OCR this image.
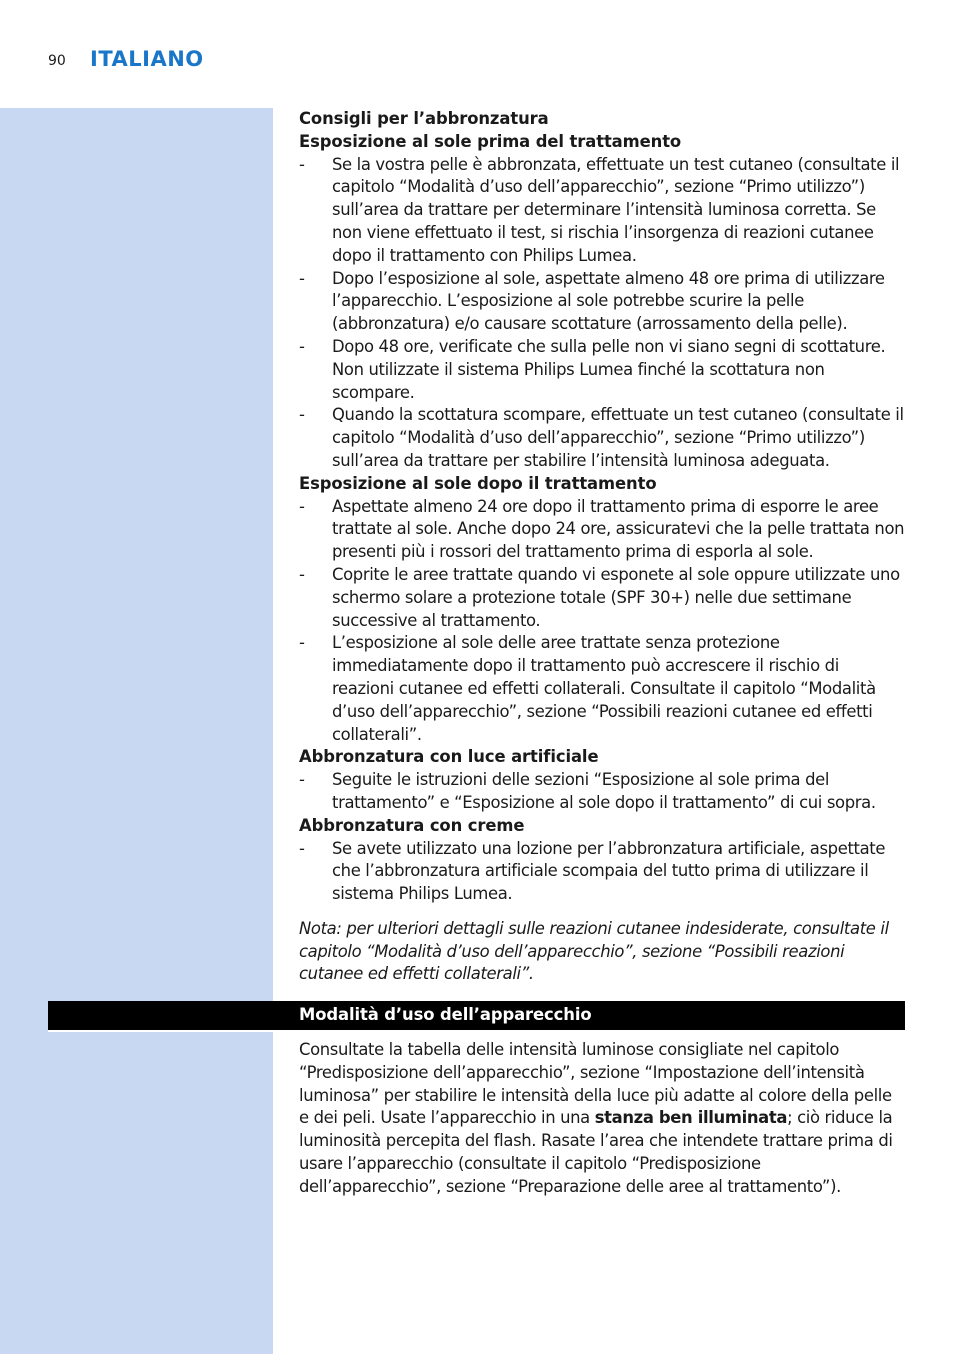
90 ITALIANO
Consigli per l’abbronzatura
Esposizione al sole prima del trattamento
- Se la vostra pelle è abbronzata, effettuate un test cutaneo (consultate il capitolo “Modalità d’uso dell’apparecchio”, sezione “Primo utilizzo”) sull’area da trattare per determinare l’intensità luminosa corretta. Se non viene effettuato il test, si rischia l’insorgenza di reazioni cutanee dopo il trattamento con Philips Lumea.
- Dopo l’esposizione al sole, aspettate almeno 48 ore prima di utilizzare l’apparecchio. L’esposizione al sole potrebbe scurire la pelle (abbronzatura) e/o causare scottature (arrossamento della pelle).
- Dopo 48 ore, verificate che sulla pelle non vi siano segni di scottature. Non utilizzate il sistema Philips Lumea finché la scottatura non scompare.
- Quando la scottatura scompare, effettuate un test cutaneo (consultate il capitolo “Modalità d’uso dell’apparecchio”, sezione “Primo utilizzo”) sull’area da trattare per stabilire l’intensità luminosa adeguata.
Esposizione al sole dopo il trattamento
- Aspettate almeno 24 ore dopo il trattamento prima di esporre le aree trattate al sole. Anche dopo 24 ore, assicuratevi che la pelle trattata non presenti più i rossori del trattamento prima di esporla al sole.
- Coprite le aree trattate quando vi esponete al sole oppure utilizzate uno schermo solare a protezione totale (SPF 30+) nelle due settimane successive al trattamento.
- L’esposizione al sole delle aree trattate senza protezione immediatamente dopo il trattamento può accrescere il rischio di reazioni cutanee ed effetti collaterali. Consultate il capitolo “Modalità d’uso dell’apparecchio”, sezione “Possibili reazioni cutanee ed effetti collaterali”.
Abbronzatura con luce artificiale
- Seguite le istruzioni delle sezioni “Esposizione al sole prima del trattamento” e “Esposizione al sole dopo il trattamento” di cui sopra.
Abbronzatura con creme
- Se avete utilizzato una lozione per l’abbronzatura artificiale, aspettate che l’abbronzatura artificiale scompaia del tutto prima di utilizzare il sistema Philips Lumea.
Nota: per ulteriori dettagli sulle reazioni cutanee indesiderate, consultate il capitolo “Modalità d’uso dell’apparecchio”, sezione “Possibili reazioni cutanee ed effetti collaterali”.
Modalità d’uso dell’apparecchio
Consultate la tabella delle intensità luminose consigliate nel capitolo “Predisposizione dell’apparecchio”, sezione “Impostazione dell’intensità luminosa” per stabilire le intensità della luce più adatte al colore della pelle e dei peli. Usate l’apparecchio in una stanza ben illuminata; ciò riduce la luminosità percepita del flash. Rasate l’area che intendete trattare prima di usare l’apparecchio (consultate il capitolo “Predisposizione dell’apparecchio”, sezione “Preparazione delle aree al trattamento”).
